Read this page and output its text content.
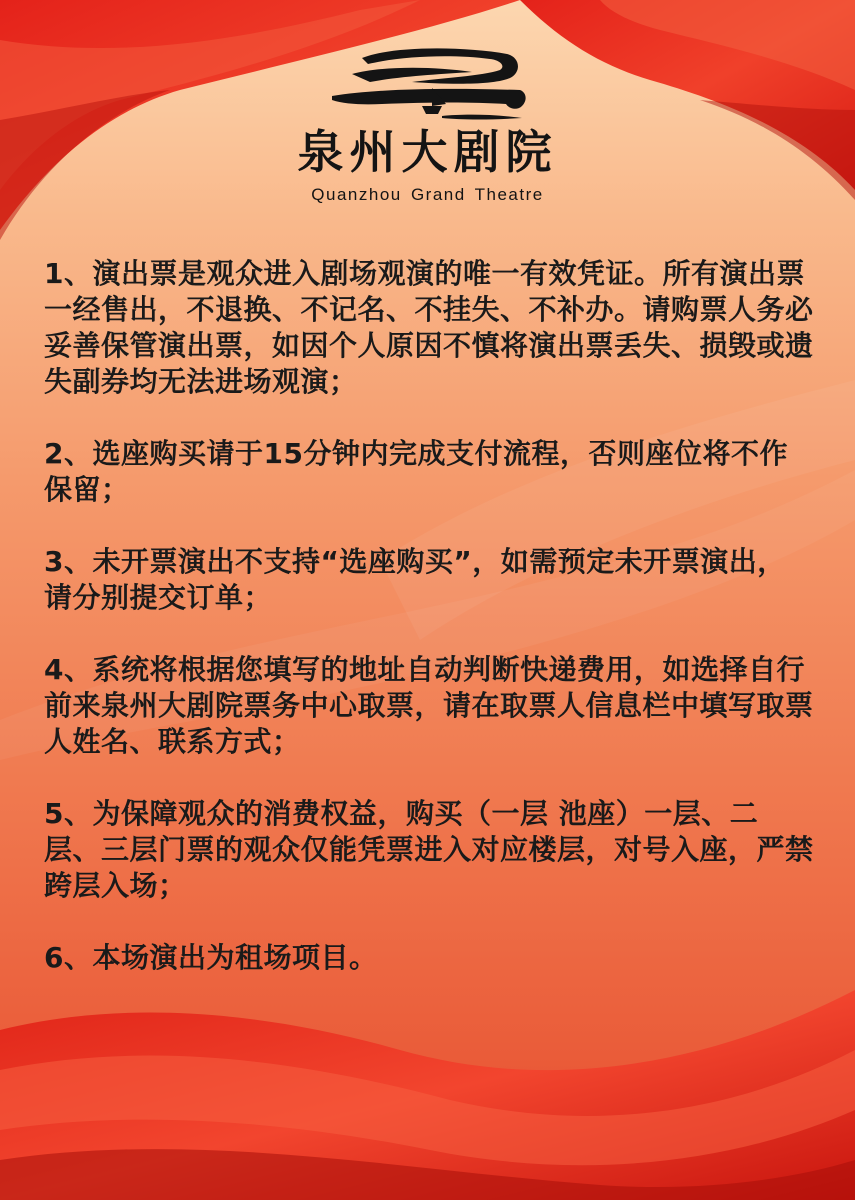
泉州大剧院
Quanzhou Grand Theatre
1、演出票是观众进入剧场观演的唯一有效凭证。所有演出票一经售出，不退换、不记名、不挂失、不补办。请购票人务必妥善保管演出票，如因个人原因不慎将演出票丢失、损毁或遗失副券均无法进场观演；
2、选座购买请于15分钟内完成支付流程，否则座位将不作保留；
3、未开票演出不支持“选座购买”，如需预定未开票演出，请分别提交订单；
4、系统将根据您填写的地址自动判断快递费用，如选择自行前来泉州大剧院票务中心取票，请在取票人信息栏中填写取票人姓名、联系方式；
5、为保障观众的消费权益，购买（一层 池座）一层、二层、三层门票的观众仅能凭票进入对应楼层，对号入座，严禁跨层入场；
6、本场演出为租场项目。
